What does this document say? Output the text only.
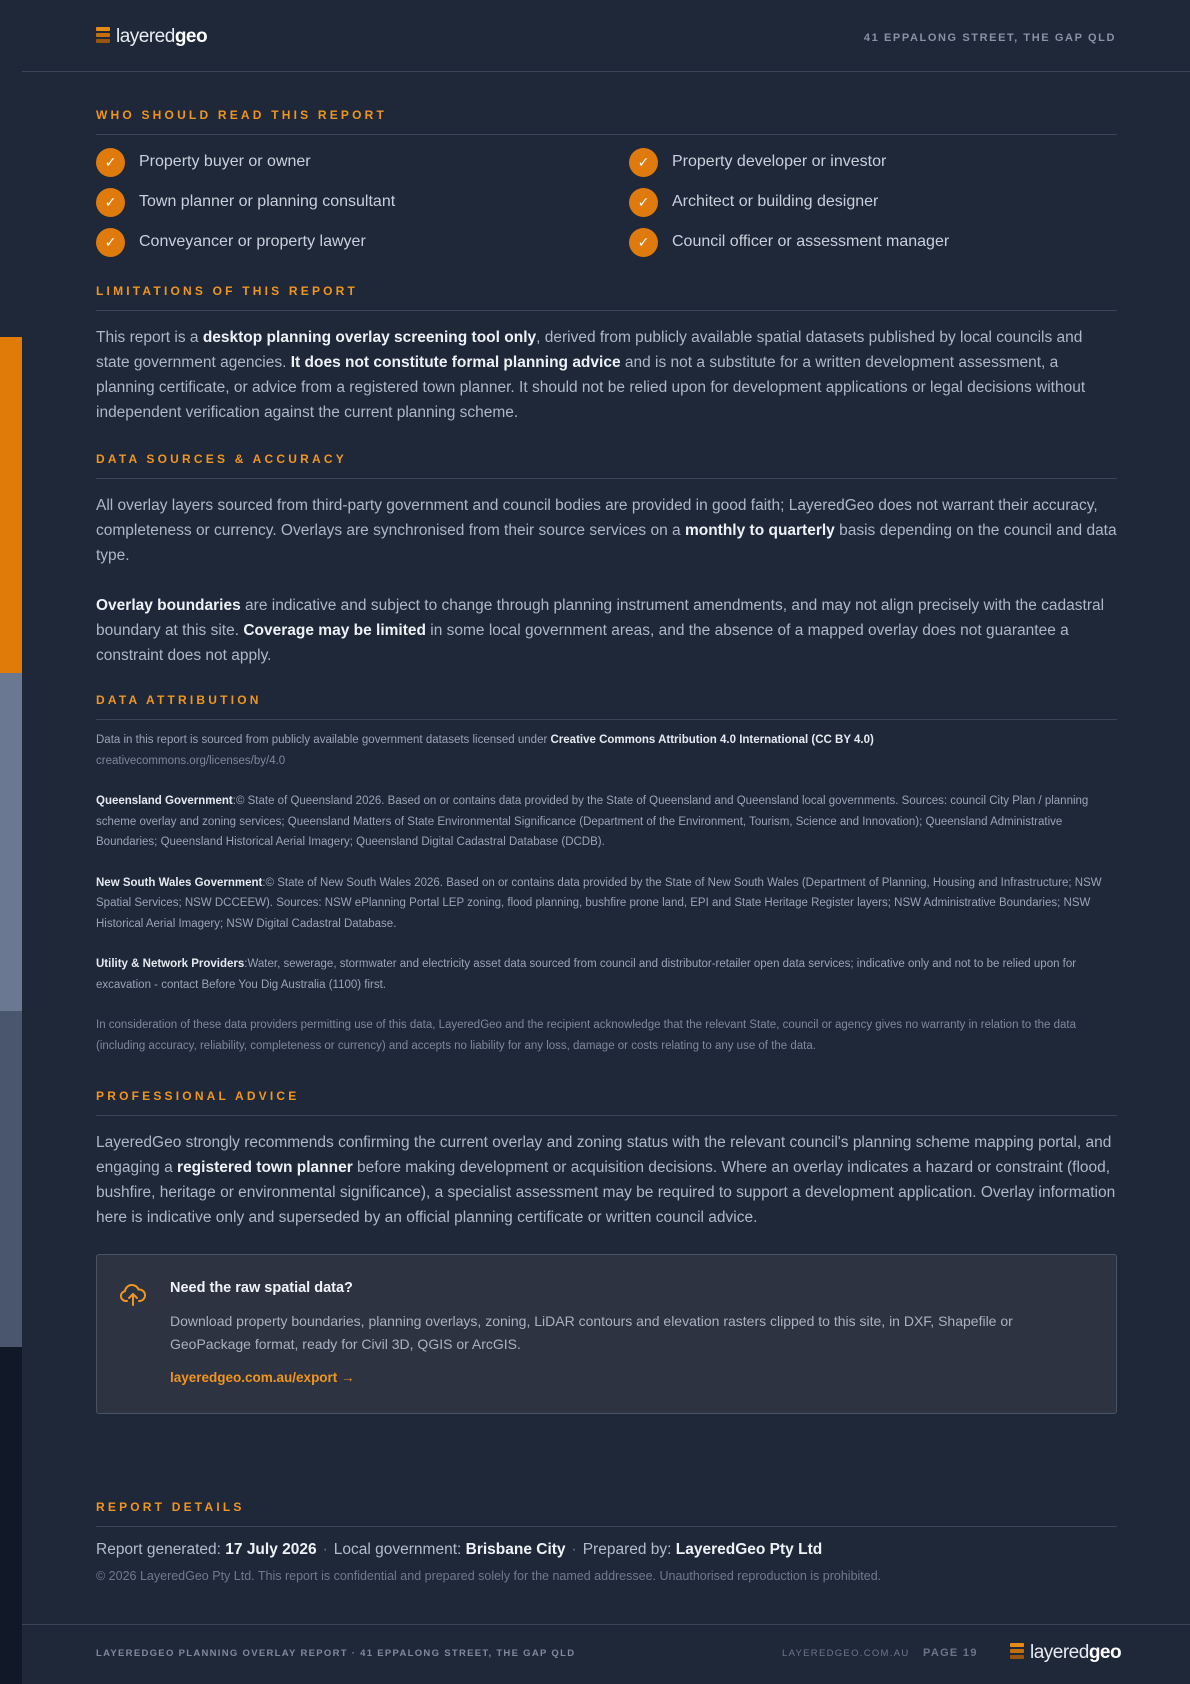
layeredgeo	41 EPPALONG STREET, THE GAP QLD
WHO SHOULD READ THIS REPORT
✓	Property buyer or owner	✓	Property developer or investor
✓	Town planner or planning consultant	✓	Architect or building designer
✓	Conveyancer or property lawyer	✓	Council officer or assessment manager
LIMITATIONS OF THIS REPORT

This report is a desktop planning overlay screening tool only, derived from publicly available spatial datasets published by local councils and state government agencies. It does not constitute formal planning advice and is not a substitute for a written development assessment, a planning certificate, or advice from a registered town planner. It should not be relied upon for development applications or legal decisions without independent verification against the current planning scheme.

DATA SOURCES & ACCURACY

All overlay layers sourced from third-party government and council bodies are provided in good faith; LayeredGeo does not warrant their accuracy, completeness or currency. Overlays are synchronised from their source services on a monthly to quarterly basis depending on the council and data type.

Overlay boundaries are indicative and subject to change through planning instrument amendments, and may not align precisely with the cadastral boundary at this site. Coverage may be limited in some local government areas, and the absence of a mapped overlay does not guarantee a constraint does not apply.

DATA ATTRIBUTION

Data in this report is sourced from publicly available government datasets licensed under Creative Commons Attribution 4.0 International (CC BY 4.0)

creativecommons.org/licenses/by/4.0

Queensland Government:© State of Queensland 2026. Based on or contains data provided by the State of Queensland and Queensland local governments. Sources: council City Plan / planning scheme overlay and zoning services; Queensland Matters of State Environmental Significance (Department of the Environment, Tourism, Science and Innovation); Queensland Administrative Boundaries; Queensland Historical Aerial Imagery; Queensland Digital Cadastral Database (DCDB).

New South Wales Government:© State of New South Wales 2026. Based on or contains data provided by the State of New South Wales (Department of Planning, Housing and Infrastructure; NSW Spatial Services; NSW DCCEEW). Sources: NSW ePlanning Portal LEP zoning, flood planning, bushfire prone land, EPI and State Heritage Register layers; NSW Administrative Boundaries; NSW Historical Aerial Imagery; NSW Digital Cadastral Database.

Utility & Network Providers:Water, sewerage, stormwater and electricity asset data sourced from council and distributor-retailer open data services; indicative only and not to be relied upon for excavation - contact Before You Dig Australia (1100) first.

In consideration of these data providers permitting use of this data, LayeredGeo and the recipient acknowledge that the relevant State, council or agency gives no warranty in relation to the data (including accuracy, reliability, completeness or currency) and accepts no liability for any loss, damage or costs relating to any use of the data.

PROFESSIONAL ADVICE

LayeredGeo strongly recommends confirming the current overlay and zoning status with the relevant council's planning scheme mapping portal, and engaging a registered town planner before making development or acquisition decisions. Where an overlay indicates a hazard or constraint (flood, bushfire, heritage or environmental significance), a specialist assessment may be required to support a development application. Overlay information here is indicative only and superseded by an official planning certificate or written council advice.

Need the raw spatial data?
Download property boundaries, planning overlays, zoning, LiDAR contours and elevation rasters clipped to this site, in DXF, Shapefile or GeoPackage format, ready for Civil 3D, QGIS or ArcGIS.
layeredgeo.com.au/export →
REPORT DETAILS
Report generated: 17 July 2026 · Local government: Brisbane City · Prepared by: LayeredGeo Pty Ltd
© 2026 LayeredGeo Pty Ltd. This report is confidential and prepared solely for the named addressee. Unauthorised reproduction is prohibited.
LAYEREDGEO PLANNING OVERLAY REPORT · 41 EPPALONG STREET, THE GAP QLD	LAYEREDGEO.COM.AU PAGE 19	layeredgeo
